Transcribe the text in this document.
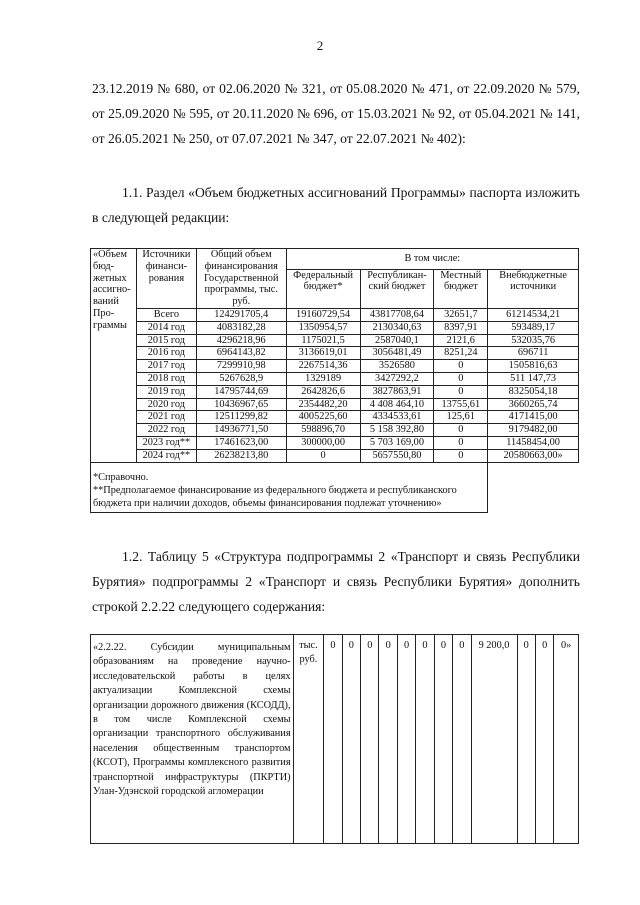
2
23.12.2019 № 680, от 02.06.2020 № 321, от 05.08.2020 № 471, от 22.09.2020 № 579, от 25.09.2020 № 595, от 20.11.2020 № 696, от 15.03.2021 № 92, от 05.04.2021 № 141, от 26.05.2021 № 250, от 07.07.2021 № 347, от 22.07.2021 № 402):
1.1. Раздел «Объем бюджетных ассигнований Программы» паспорта изложить в следующей редакции:
«Объем бюд-жетных ассигно-ваний Про-граммы	Источники финанси-рования	Общий объем финансирования Государственной программы, тыс. руб.	В том числе:			
			Федеральный бюджет*	Республикан-ский бюджет	Местный бюджет	Внебюджетные источники
	Всего	124291705,4	19160729,54	43817708,64	32651,7	61214534,21
	2014 год	4083182,28	1350954,57	2130340,63	8397,91	593489,17
	2015 год	4296218,96	1175021,5	2587040,1	2121,6	532035,76
	2016 год	6964143,82	3136619,01	3056481,49	8251,24	696711
	2017 год	7299910,98	2267514,36	3526580	0	1505816,63
	2018 год	5267628,9	1329189	3427292,2	0	511 147,73
	2019 год	14795744,69	2642826,6	3827863,91	0	8325054,18
	2020 год	10436967,65	2354482,20	4 408 464,10	13755,61	3660265,74
	2021 год	12511299,82	4005225,60	4334533,61	125,61	4171415,00
	2022 год	14936771,50	598896,70	5 158 392,80	0	9179482,00
	2023 год**	17461623,00	300000,00	5 703 169,00	0	11458454,00
	2024 год**	26238213,80	0	5657550,80	0	20580663,00»

*Справочно.
**Предполагаемое финансирование из федерального бюджета и республиканского бюджета при наличии доходов, объемы финансирования подлежат уточнению»						
1.2. Таблицу 5 «Структура подпрограммы 2 «Транспорт и связь Республики Бурятия» подпрограммы 2 «Транспорт и связь Республики Бурятия» дополнить строкой 2.2.22 следующего содержания:
«2.2.22. Субсидии муниципальным образованиям на проведение научно-исследовательской работы в целях актуализации Комплексной схемы организации дорожного движения (КСОДД), в том числе Комплексной схемы организации транспортного обслуживания населения общественным транспортом (КСОТ), Программы комплексного развития транспортной инфраструктуры (ПКРТИ) Улан-Удэнской городской агломерации	тыс. руб.	0	0	0	0	0	0	0	0	9 200,0	0	0	0»
